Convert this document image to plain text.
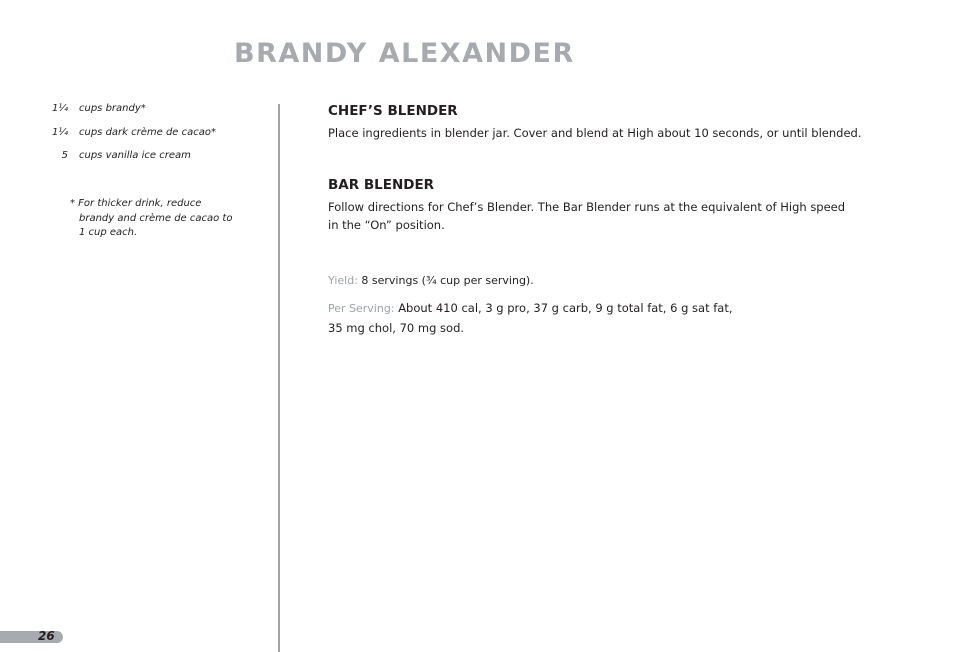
BRANDY ALEXANDER
1¹⁄₄	cups brandy*
1¹⁄₄	cups dark crème de cacao*
5	cups vanilla ice cream
* For thicker drink, reduce
brandy and crème de cacao to
1 cup each.
CHEF’S BLENDER

Place ingredients in blender jar. Cover and blend at High about 10 seconds, or until blended.

BAR BLENDER

Follow directions for Chef’s Blender. The Bar Blender runs at the equivalent of High speed
in the “On” position.

Yield: 8 servings (³⁄₄ cup per serving).
Per Serving: About 410 cal, 3 g pro, 37 g carb, 9 g total fat, 6 g sat fat,
35 mg chol, 70 mg sod.
26
